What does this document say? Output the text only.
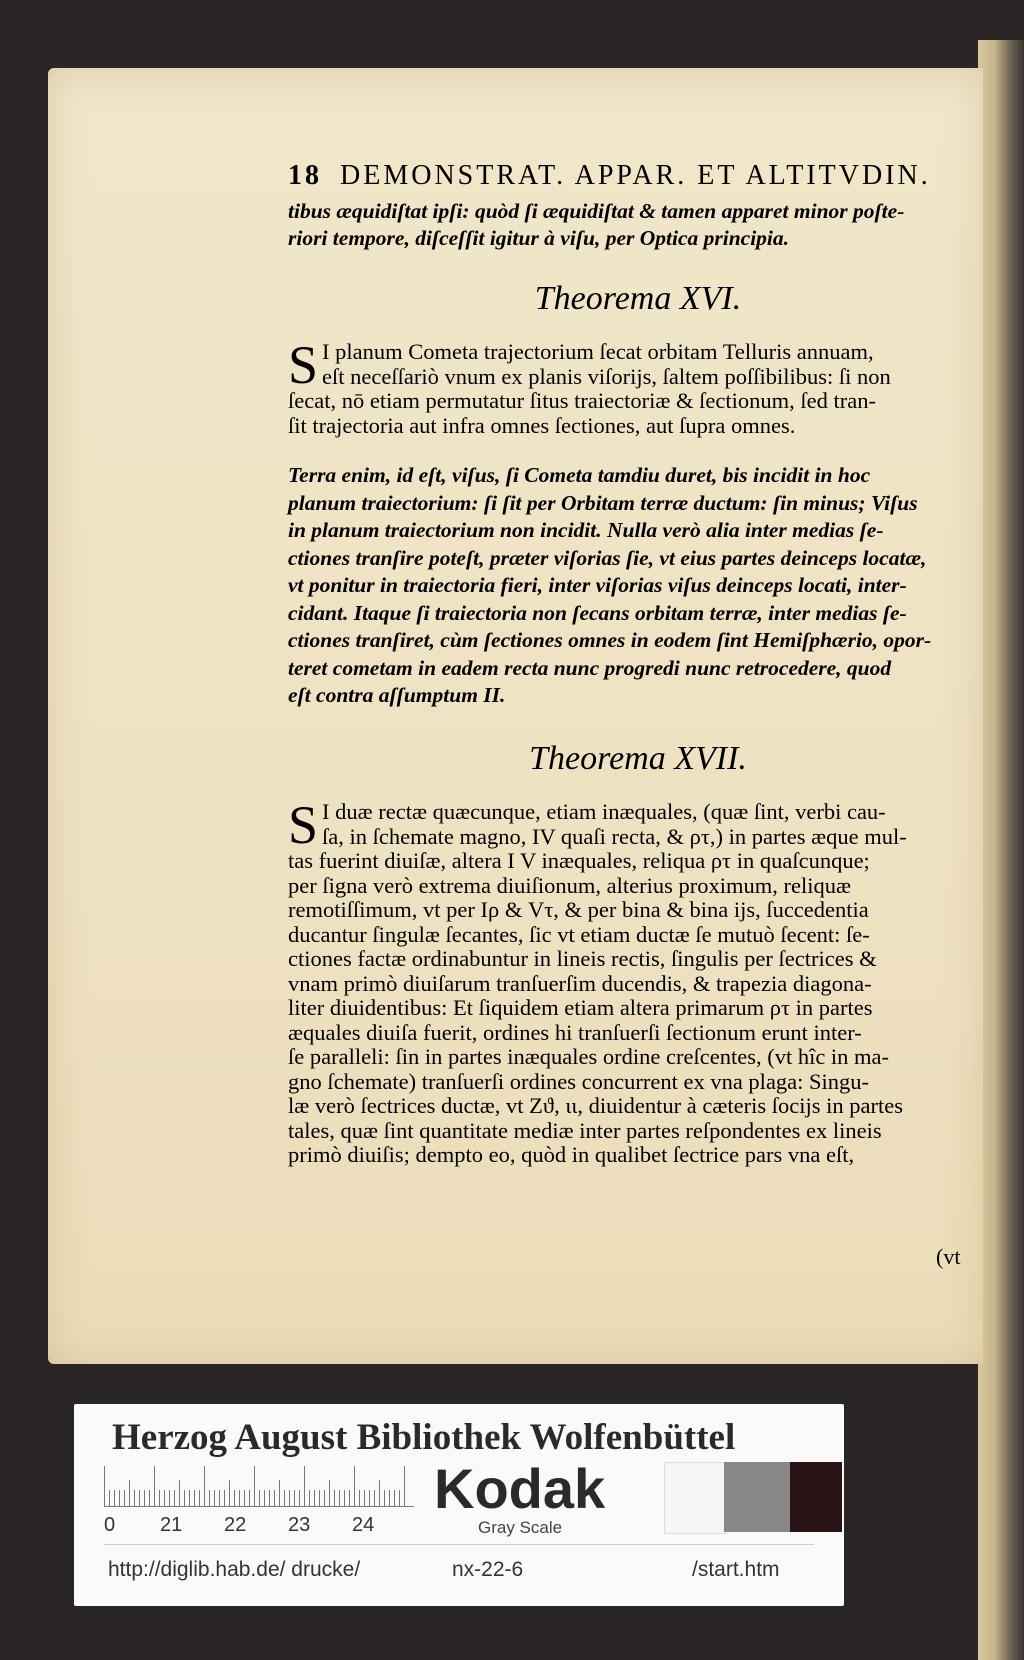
18 DEMONSTRAT. APPAR. ET ALTITVDIN.
tibus æquidiſtat ipſi: quòd ſi æquidiſtat & tamen apparet minor poſte-
riori tempore, diſceſſit igitur à viſu, per Optica principia.
Theorema XVI.
S I planum Cometa trajectorium ſecat orbitam Telluris annuam,
eſt neceſſariò vnum ex planis viſorijs, ſaltem poſſibilibus: ſi non
ſecat, nō etiam permutatur ſitus traiectoriæ & ſectionum, ſed tran-
ſit trajectoria aut infra omnes ſectiones, aut ſupra omnes.
Terra enim, id eſt, viſus, ſi Cometa tamdiu duret, bis incidit in hoc
planum traiectorium: ſi ſit per Orbitam terræ ductum: ſin minus; Viſus
in planum traiectorium non incidit. Nulla verò alia inter medias ſe-
ctiones tranſire poteſt, præter viſorias ſie, vt eius partes deinceps locatæ,
vt ponitur in traiectoria fieri, inter viſorias viſus deinceps locati, inter-
cidant. Itaque ſi traiectoria non ſecans orbitam terræ, inter medias ſe-
ctiones tranſiret, cùm ſectiones omnes in eodem ſint Hemiſphærio, opor-
teret cometam in eadem recta nunc progredi nunc retrocedere, quod
eſt contra aſſumptum II.
Theorema XVII.
S I duæ rectæ quæcunque, etiam inæquales, (quæ ſint, verbi cau-
ſa, in ſchemate magno, IV quaſi recta, & ρτ,) in partes æque mul-
tas fuerint diuiſæ, altera I V inæquales, reliqua ρτ in quaſcunque;
per ſigna verò extrema diuiſionum, alterius proximum, reliquæ
remotiſſimum, vt per Iρ & Vτ, & per bina & bina ijs, ſuccedentia
ducantur ſingulæ ſecantes, ſic vt etiam ductæ ſe mutuò ſecent: ſe-
ctiones factæ ordinabuntur in lineis rectis, ſingulis per ſectrices &
vnam primò diuiſarum tranſuerſim ducendis, & trapezia diagona-
liter diuidentibus: Et ſiquidem etiam altera primarum ρτ in partes
æquales diuiſa fuerit, ordines hi tranſuerſi ſectionum erunt inter-
ſe paralleli: ſin in partes inæquales ordine creſcentes, (vt hîc in ma-
gno ſchemate) tranſuerſi ordines concurrent ex vna plaga: Singu-
læ verò ſectrices ductæ, vt Zϑ, ιι, diuidentur à cæteris ſocijs in partes
tales, quæ ſint quantitate mediæ inter partes reſpondentes ex lineis
primò diuiſis; dempto eo, quòd in qualibet ſectrice pars vna eſt,
(vt
Herzog August Bibliothek Wolfenbüttel
0 21 22 23 24
Kodak
Gray Scale
http://diglib.hab.de/ drucke/	nx-22-6	/start.htm
